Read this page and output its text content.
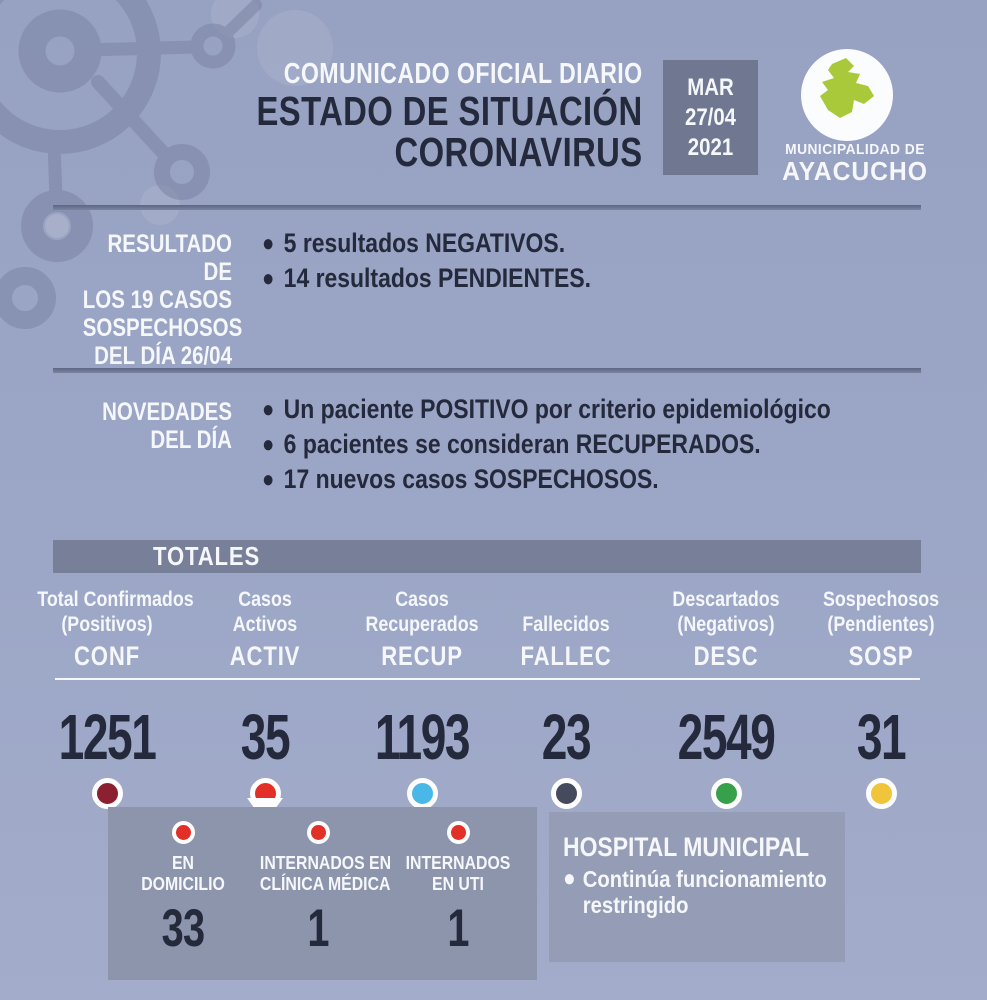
COMUNICADO OFICIAL DIARIO
ESTADO DE SITUACIÓN
CORONAVIRUS
MAR
27/04
2021	MUNICIPALIDAD DE
AYACUCHO
RESULTADO DE
LOS 19 CASOS
SOSPECHOSOS
DEL DÍA 26/04
● 5 resultados NEGATIVOS.
● 14 resultados PENDIENTES.
NOVEDADES
DEL DÍA
● Un paciente POSITIVO por criterio epidemiológico
● 6 pacientes se consideran RECUPERADOS.
● 17 nuevos casos SOSPECHOSOS.
TOTALES
Total Confirmados
(Positivos)
CONF
1251
Casos
Activos
ACTIV
35
Casos
Recuperados
RECUP
1193
Fallecidos
FALLEC
23
Descartados
(Negativos)
DESC
2549
Sospechosos
(Pendientes)
SOSP
31
EN
DOMICILIO
33
INTERNADOS EN
CLÍNICA MÉDICA
1
INTERNADOS
EN UTI
1
HOSPITAL MUNICIPAL
● Continúa funcionamiento restringido
